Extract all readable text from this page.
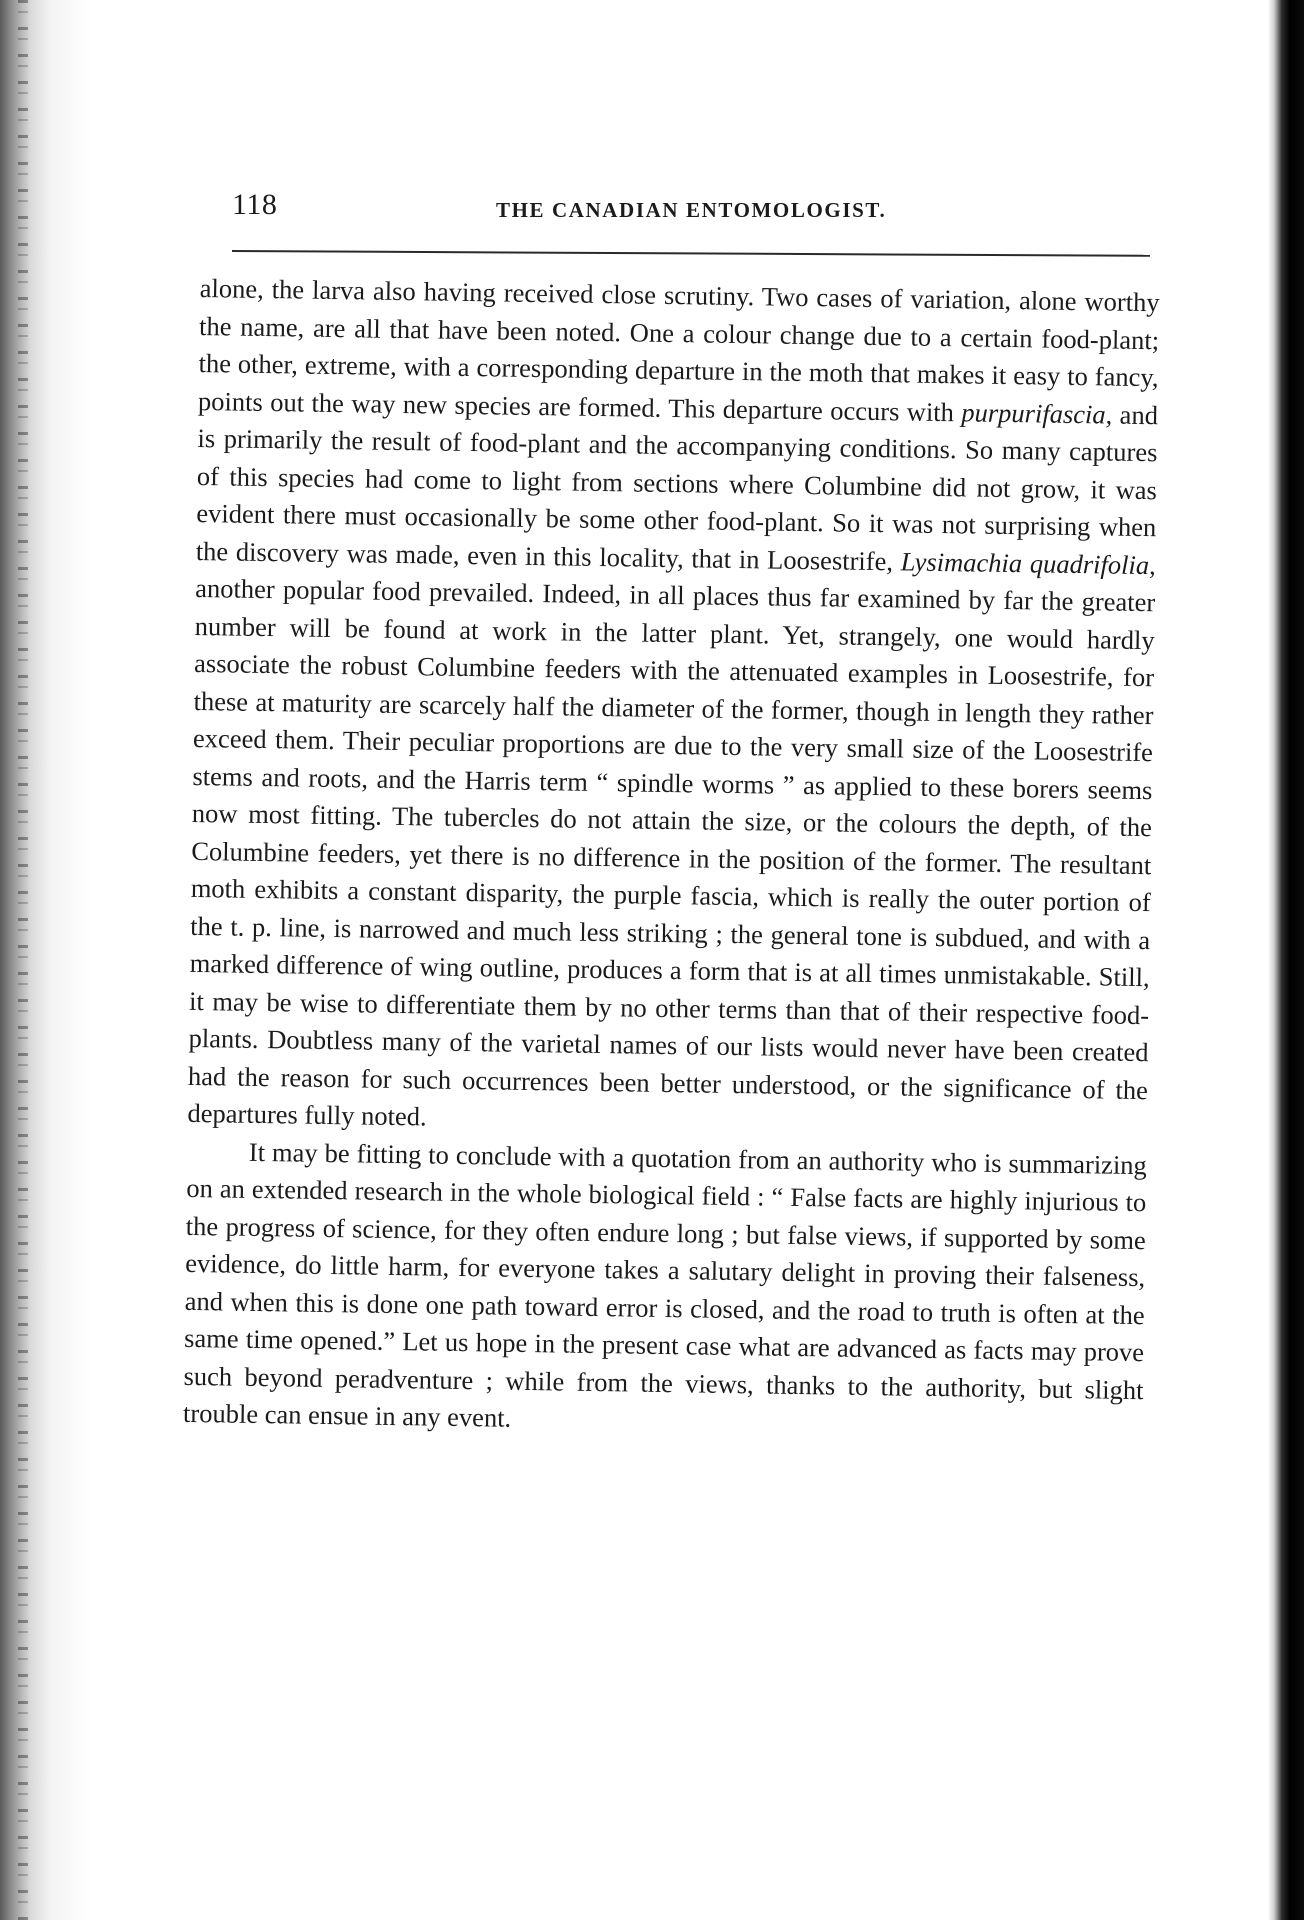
118	THE CANADIAN ENTOMOLOGIST.

alone, the larva also having received close scrutiny. Two cases of variation, alone worthy the name, are all that have been noted. One a colour change due to a certain food-plant; the other, extreme, with a corresponding departure in the moth that makes it easy to fancy, points out the way new species are formed. This departure occurs with purpurifascia, and is primarily the result of food-plant and the accompanying conditions. So many captures of this species had come to light from sections where Columbine did not grow, it was evident there must occasionally be some other food-plant. So it was not surprising when the discovery was made, even in this locality, that in Loosestrife, Lysimachia quadrifolia, another popular food prevailed. Indeed, in all places thus far examined by far the greater number will be found at work in the latter plant. Yet, strangely, one would hardly associate the robust Columbine feeders with the attenuated examples in Loosestrife, for these at maturity are scarcely half the diameter of the former, though in length they rather exceed them. Their peculiar proportions are due to the very small size of the Loosestrife stems and roots, and the Harris term “ spindle worms ” as applied to these borers seems now most fitting. The tubercles do not attain the size, or the colours the depth, of the Columbine feeders, yet there is no difference in the position of the former. The resultant moth exhibits a constant disparity, the purple fascia, which is really the outer portion of the t. p. line, is narrowed and much less striking ; the general tone is subdued, and with a marked difference of wing outline, produces a form that is at all times unmistakable. Still, it may be wise to differentiate them by no other terms than that of their respective food-plants. Doubtless many of the varietal names of our lists would never have been created had the reason for such occurrences been better understood, or the significance of the departures fully noted.

It may be fitting to conclude with a quotation from an authority who is summarizing on an extended research in the whole biological field : “ False facts are highly injurious to the progress of science, for they often endure long ; but false views, if supported by some evidence, do little harm, for everyone takes a salutary delight in proving their falseness, and when this is done one path toward error is closed, and the road to truth is often at the same time opened.” Let us hope in the present case what are advanced as facts may prove such beyond peradventure ; while from the views, thanks to the authority, but slight trouble can ensue in any event.
